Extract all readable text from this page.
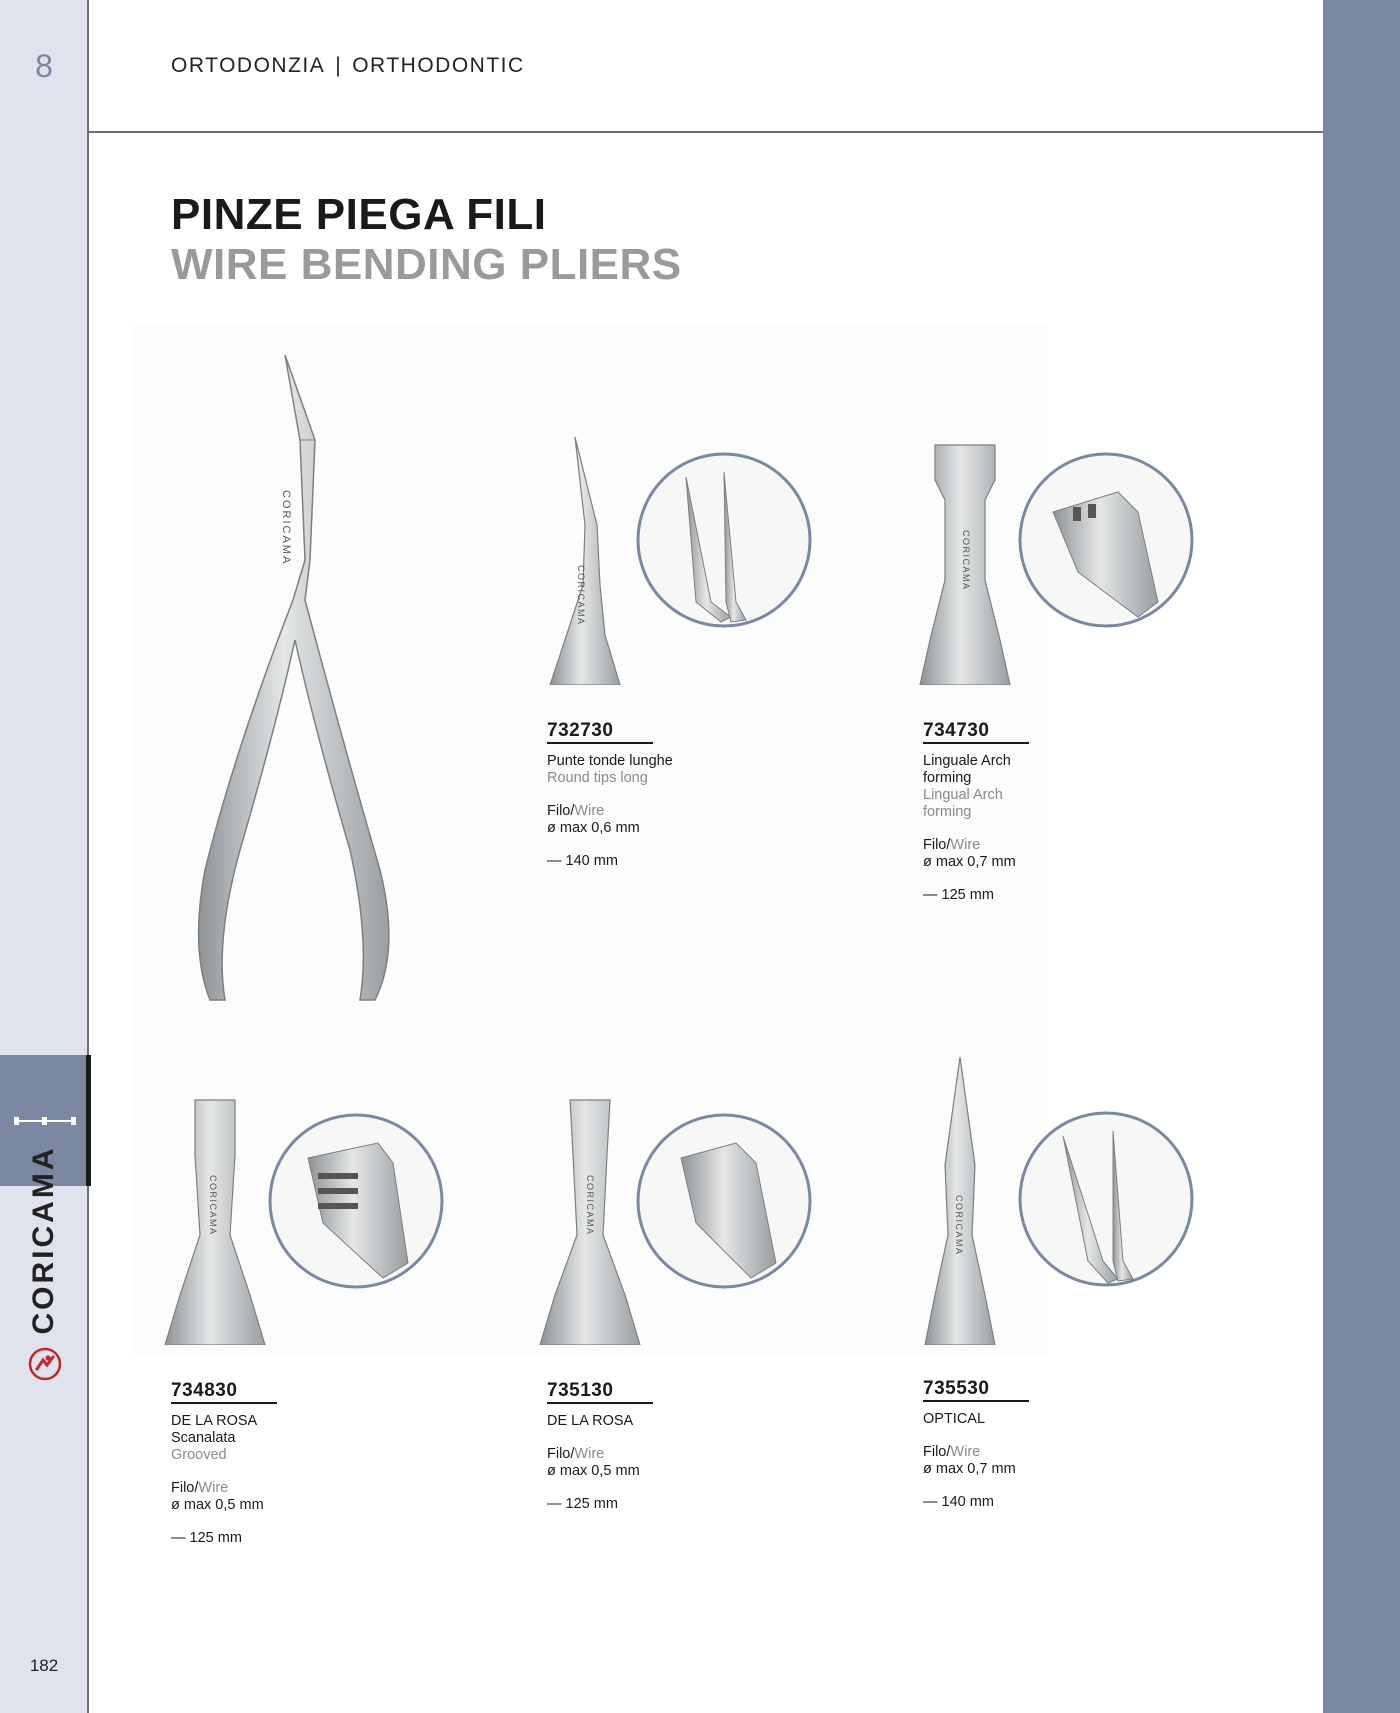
8	ORTODONZIA | ORTHODONTIC
PINZE PIEGA FILI
WIRE BENDING PLIERS
CORICAMA
182
CORICAMA
CORICAMA
CORICAMA
CORICAMA	CORICAMA	CORICAMA
732730
Punte tonde lunghe
Round tips long
Filo/Wire
ø max 0,6 mm
— 140 mm
734730
Linguale Arch forming
Lingual Arch forming
Filo/Wire
ø max 0,7 mm
— 125 mm
734830
DE LA ROSA Scanalata
Grooved
Filo/Wire
ø max 0,5 mm
— 125 mm
735130
DE LA ROSA
Filo/Wire
ø max 0,5 mm
— 125 mm
735530
OPTICAL
Filo/Wire
ø max 0,7 mm
— 140 mm
